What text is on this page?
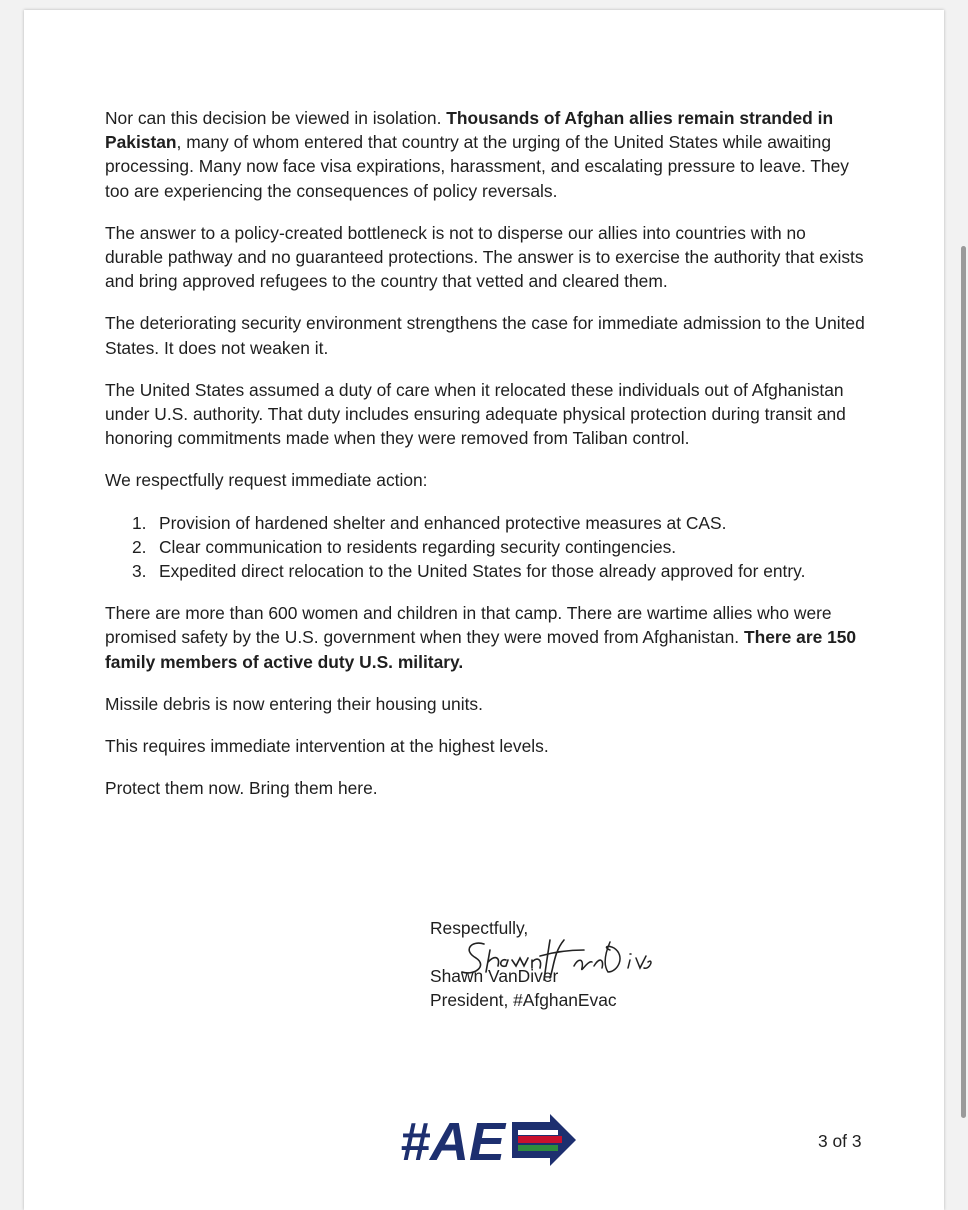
Nor can this decision be viewed in isolation. Thousands of Afghan allies remain stranded in Pakistan, many of whom entered that country at the urging of the United States while awaiting processing. Many now face visa expirations, harassment, and escalating pressure to leave. They too are experiencing the consequences of policy reversals.

The answer to a policy-created bottleneck is not to disperse our allies into countries with no durable pathway and no guaranteed protections. The answer is to exercise the authority that exists and bring approved refugees to the country that vetted and cleared them.

The deteriorating security environment strengthens the case for immediate admission to the United States. It does not weaken it.

The United States assumed a duty of care when it relocated these individuals out of Afghanistan under U.S. authority. That duty includes ensuring adequate physical protection during transit and honoring commitments made when they were removed from Taliban control.

We respectfully request immediate action:

1. Provision of hardened shelter and enhanced protective measures at CAS.
2. Clear communication to residents regarding security contingencies.
3. Expedited direct relocation to the United States for those already approved for entry.

There are more than 600 women and children in that camp. There are wartime allies who were promised safety by the U.S. government when they were moved from Afghanistan. There are 150 family members of active duty U.S. military.

Missile debris is now entering their housing units.

This requires immediate intervention at the highest levels.

Protect them now. Bring them here.

Respectfully,
Shawn VanDiver
President, #AfghanEvac
#AE	3 of 3
